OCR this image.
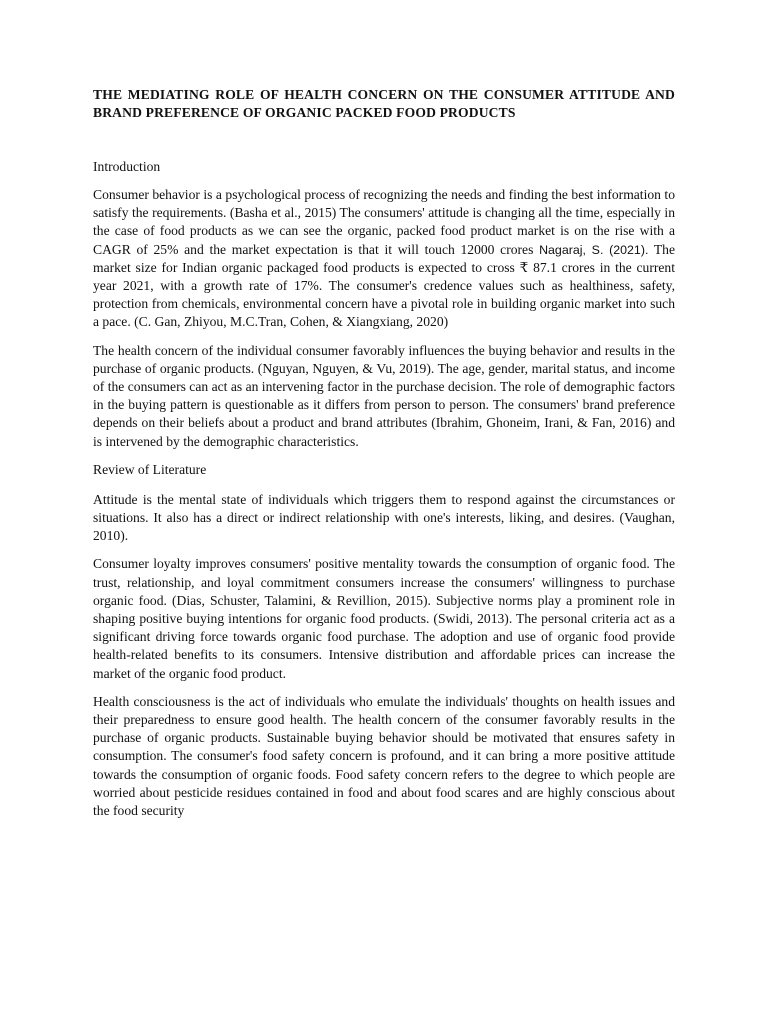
THE MEDIATING ROLE OF HEALTH CONCERN ON THE CONSUMER ATTITUDE AND BRAND PREFERENCE OF ORGANIC PACKED FOOD PRODUCTS
Introduction

Consumer behavior is a psychological process of recognizing the needs and finding the best information to satisfy the requirements. (Basha et al., 2015) The consumers' attitude is changing all the time, especially in the case of food products as we can see the organic, packed food product market is on the rise with a CAGR of 25% and the market expectation is that it will touch 12000 crores Nagaraj, S. (2021). The market size for Indian organic packaged food products is expected to cross ₹ 87.1 crores in the current year 2021, with a growth rate of 17%. The consumer's credence values such as healthiness, safety, protection from chemicals, environmental concern have a pivotal role in building organic market into such a pace. (C. Gan, Zhiyou, M.C.Tran, Cohen, & Xiangxiang, 2020)

The health concern of the individual consumer favorably influences the buying behavior and results in the purchase of organic products. (Nguyan, Nguyen, & Vu, 2019). The age, gender, marital status, and income of the consumers can act as an intervening factor in the purchase decision. The role of demographic factors in the buying pattern is questionable as it differs from person to person. The consumers' brand preference depends on their beliefs about a product and brand attributes (Ibrahim, Ghoneim, Irani, & Fan, 2016) and is intervened by the demographic characteristics.

Review of Literature

Attitude is the mental state of individuals which triggers them to respond against the circumstances or situations. It also has a direct or indirect relationship with one's interests, liking, and desires. (Vaughan, 2010).

Consumer loyalty improves consumers' positive mentality towards the consumption of organic food. The trust, relationship, and loyal commitment consumers increase the consumers' willingness to purchase organic food. (Dias, Schuster, Talamini, & Revillion, 2015). Subjective norms play a prominent role in shaping positive buying intentions for organic food products. (Swidi, 2013). The personal criteria act as a significant driving force towards organic food purchase. The adoption and use of organic food provide health-related benefits to its consumers. Intensive distribution and affordable prices can increase the market of the organic food product.

Health consciousness is the act of individuals who emulate the individuals' thoughts on health issues and their preparedness to ensure good health. The health concern of the consumer favorably results in the purchase of organic products. Sustainable buying behavior should be motivated that ensures safety in consumption. The consumer's food safety concern is profound, and it can bring a more positive attitude towards the consumption of organic foods. Food safety concern refers to the degree to which people are worried about pesticide residues contained in food and about food scares and are highly conscious about the food security
